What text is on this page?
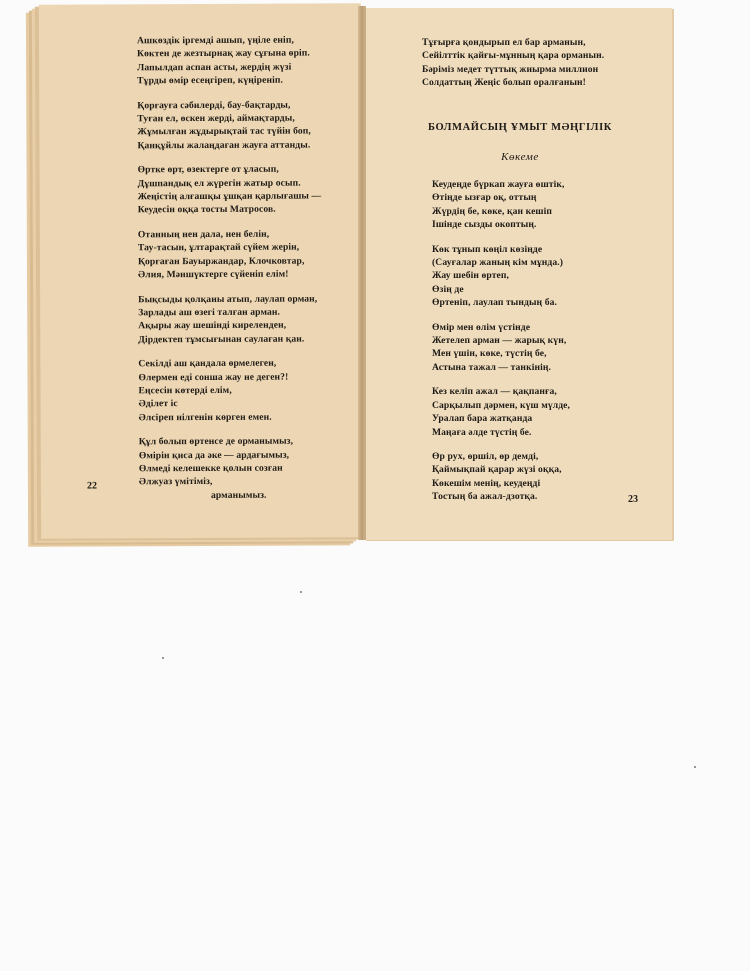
Ашкөздік іргемді ашып, үңіле еніп,
Көктен де жезтырнақ жау сұғына өріп.
Лапылдап аспан асты, жердің жүзі
Тұрды өмір есеңгіреп, күңіреніп.
Қорғауға сәбилерді, бау-бақтарды,
Туған ел, өскен жерді, аймақтарды,
Жұмылған жұдырықтай тас түйін боп,
Қанқұйлы жалаңдаған жауға аттанды.
Өртке өрт, өзектерге от ұласып,
Дұшпандық ел жүрегін жатыр осып.
Жеңістің алғашқы ұшқан қарлығашы —
Кеудесін оққа тосты Матросов.
Отанның нен дала, нен белін,
Тау-тасын, ұлтарақтай сүйем жерін,
Қорғаған Бауыржандар, Клочковтар,
Әлия, Мәншүктерге сүйеніп елім!
Бықсыды қолқаны атып, лаулап орман,
Зарлады аш өзегі талған арман.
Ақыры жау шешінді киреленден,
Дірдектеп тұмсығынан саулаған қан.
Секілді аш қандала өрмелеген,
Өлермен еді сонша жау не деген?!
Еңсесін көтерді елім,
Әділет іс
Әлсіреп нілгенін көрген емен.
Құл болып өртенсе де орманымыз,
Өмірін қиса да әке — ардағымыз,
Өлмеді келешекке қолын созған
Әлжуаз үмітіміз,
арманымыз.
22
Тұғырға қондырып ел бар арманын,
Сейілттік қайғы-мұнның қара орманын.
Бәріміз медет түттық жиырма миллион
Солдаттың Жеңіс болып оралғанын!
БОЛМАЙСЫҢ ҰМЫТ МӘҢГІЛІК
Көкеме
Кеудеңде бүркап жауға өштік,
Өтіңде ызғар оқ, оттың
Жүрдің бе, көке, қан кешіп
Ішінде сызды окоптың.
Көк тұнып көңіл көзіңде
(Сауғалар жаның кім мұнда.)
Жау шебін өртеп,
Өзің де
Өртеніп, лаулап тындың ба.
Өмір мен өлім үстінде
Жетелеп арман — жарық күн,
Мен үшін, көке, түстің бе,
Астына тажал — танкінің.
Кез келіп ажал — қақпанға,
Сарқылып дәрмен, күш мүлде,
Уралап бара жатқанда
Маңаға әлде түстің бе.
Өр рух, өршіл, өр демді,
Қаймықпай қарар жүзі оққа,
Көкешім менің, кеудеңді
Тостың ба ажал-дзотқа.	23
